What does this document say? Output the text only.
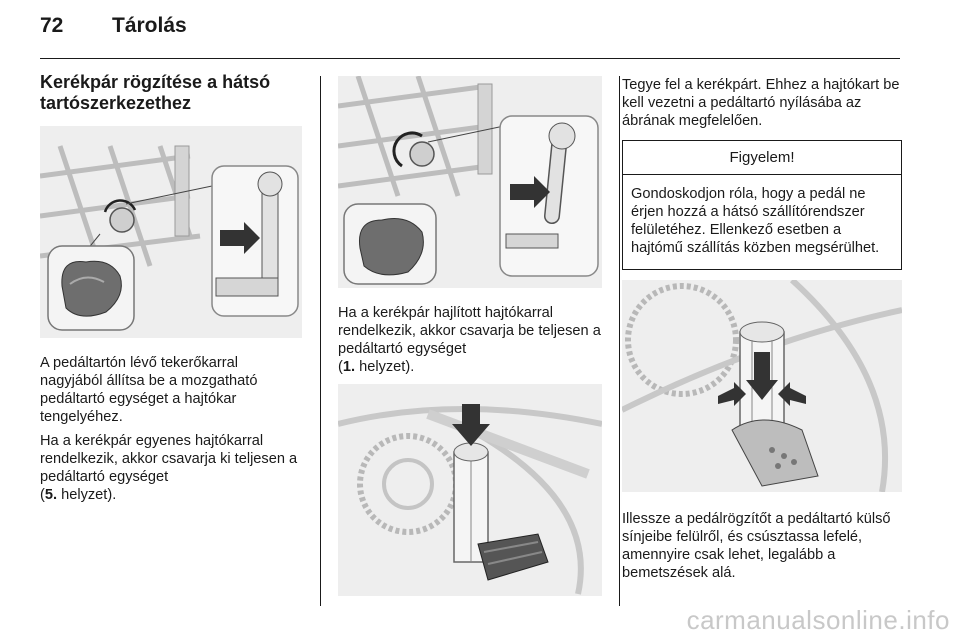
72 Tárolás
Kerékpár rögzítése a hátsó tartószerkezethez

A pedáltartón lévő tekerőkarral nagyjából állítsa be a mozgatható pedáltartó egységet a hajtókar tengelyéhez.

Ha a kerékpár egyenes hajtókarral rendelkezik, akkor csavarja ki teljesen a pedáltartó egységet
(5. helyzet).

Ha a kerékpár hajlított hajtókarral rendelkezik, akkor csavarja be teljesen a pedáltartó egységet
(1. helyzet).

Tegye fel a kerékpárt. Ehhez a hajtókart be kell vezetni a pedáltartó nyílásába az ábrának megfelelően.

Figyelem!
Gondoskodjon róla, hogy a pedál ne érjen hozzá a hátsó szállítórendszer felületéhez. Ellenkező esetben a hajtómű szállítás közben megsérülhet.

Illessze a pedálrögzítőt a pedáltartó külső sínjeibe felülről, és csúsztassa lefelé, amennyire csak lehet, legalább a bemetszések alá.

carmanualsonline.info
